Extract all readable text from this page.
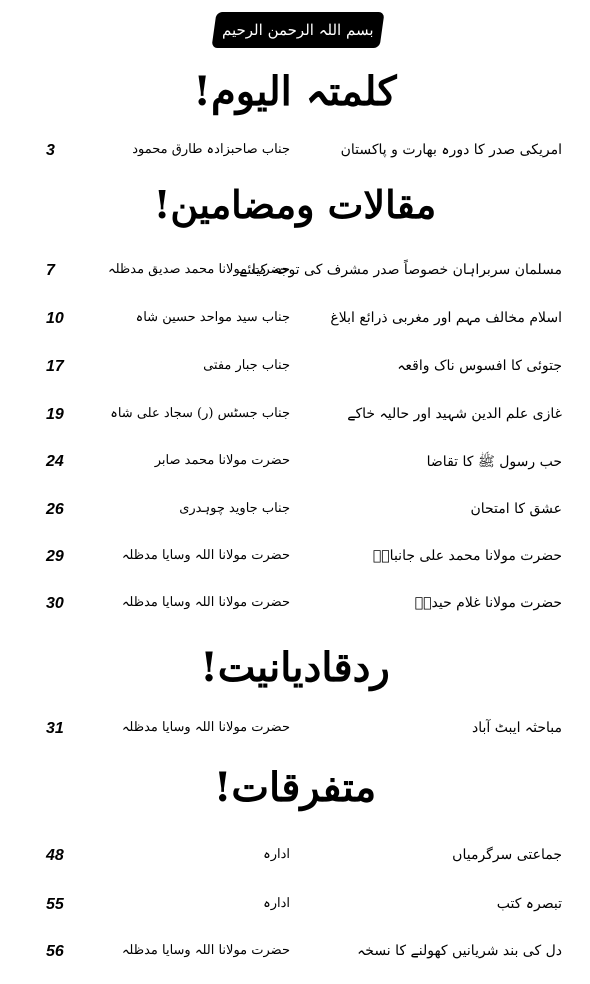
بسم اللہ الرحمن الرحیم
کلمتہ الیوم!
امریکی صدر کا دورہ بھارت و پاکستان
جناب صاحبزادہ طارق محمود
3
مقالات ومضامین!
مسلمان سربراہان خصوصاً صدر مشرف کی توجہ کیلئے
حضرت مولانا محمد صدیق مدظلہ
7
اسلام مخالف مہم اور مغربی ذرائع ابلاغ
جناب سید مواحد حسین شاہ
10
جتوئی کا افسوس ناک واقعہ
جناب جبار مفتی
17
غازی علم الدین شہید اور حالیہ خاکے
جناب جسٹس (ر) سجاد علی شاہ
19
حب رسول ﷺ کا تقاضا
حضرت مولانا محمد صابر
24
عشق کا امتحان
جناب جاوید چوہدری
26
حضرت مولانا محمد علی جانبازؒ
حضرت مولانا اللہ وسایا مدظلہ
29
حضرت مولانا غلام حیدرؒ
حضرت مولانا اللہ وسایا مدظلہ
30
ردقادیانیت!
مباحثہ ایبٹ آباد
حضرت مولانا اللہ وسایا مدظلہ
31
متفرقات!
جماعتی سرگرمیاں
ادارہ
48
تبصرہ کتب
ادارہ
55
دل کی بند شریانیں کھولنے کا نسخہ
حضرت مولانا اللہ وسایا مدظلہ
56
